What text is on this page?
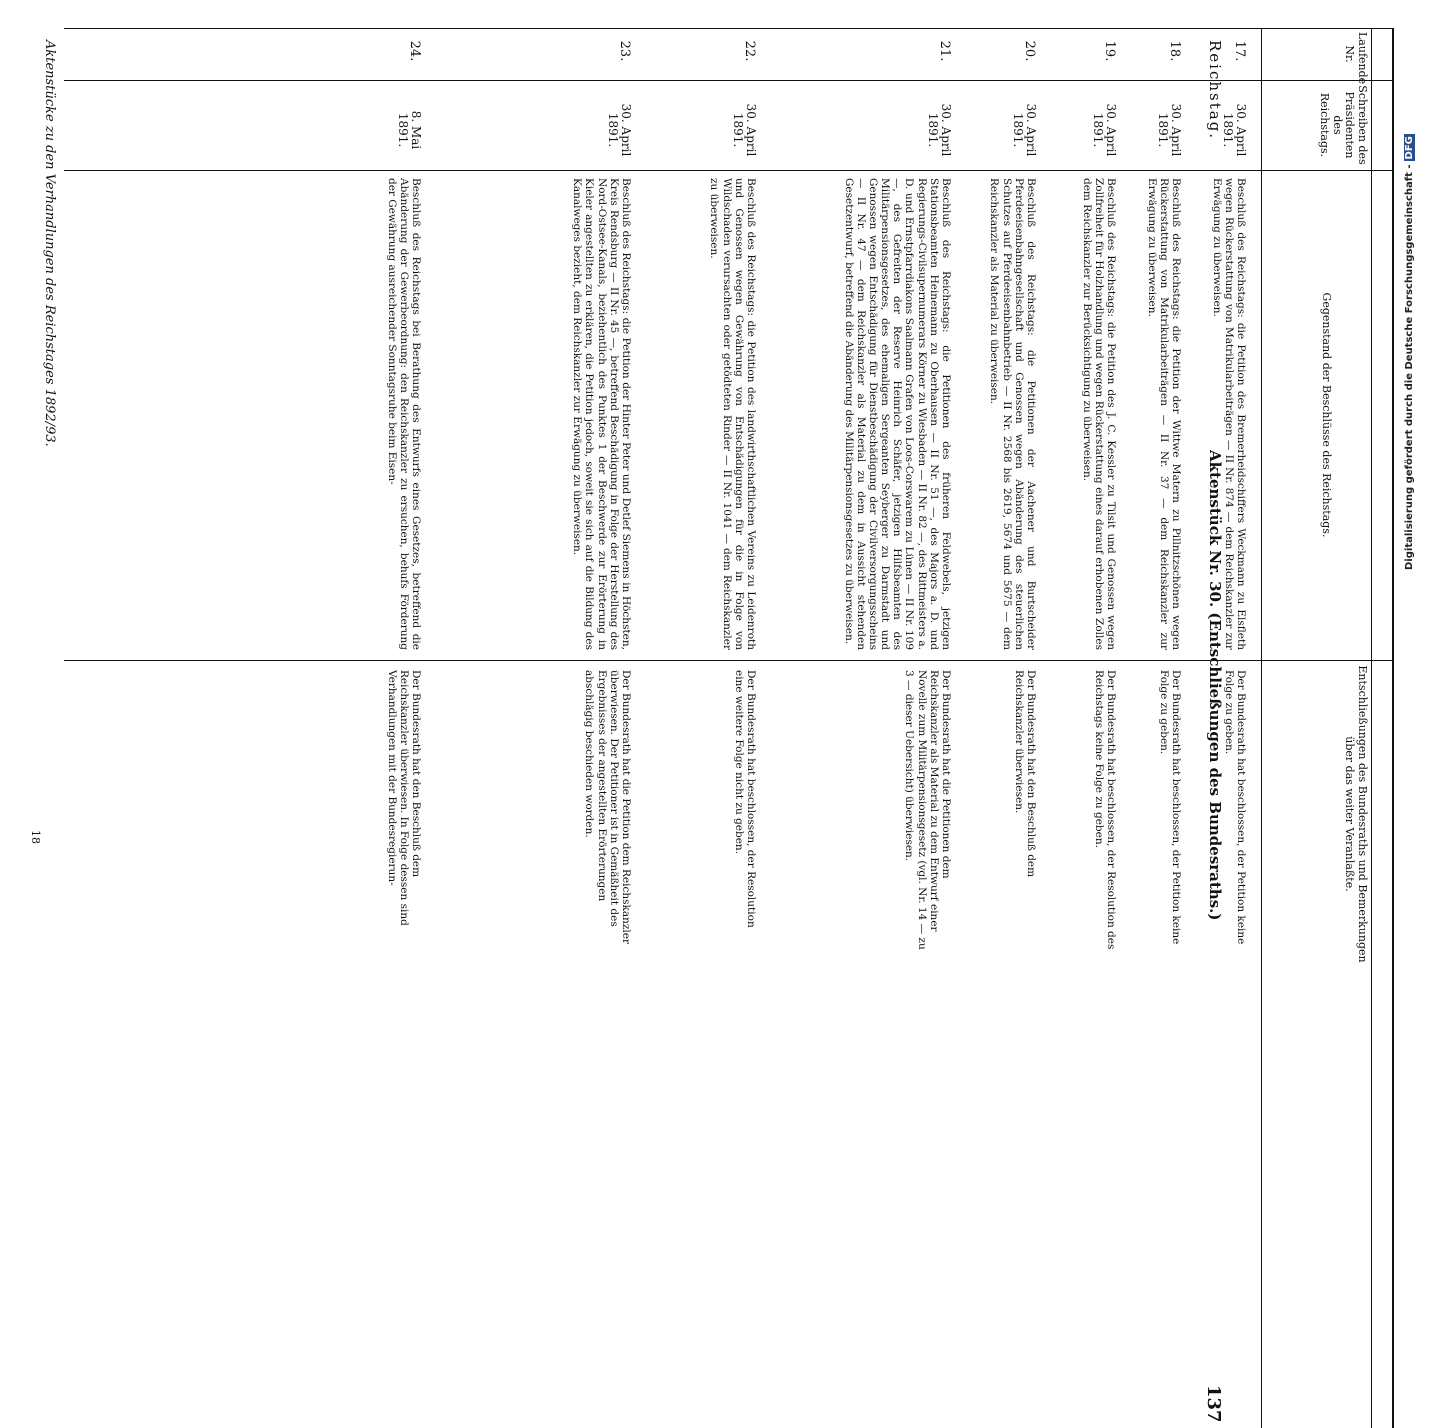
Reichstag.
Aktenstück Nr. 30. (Entschließungen des Bundesraths.)
137
Laufende Nr.
Schreiben des Präsidenten des Reichstags.
Gegenstand der Beschlüsse des Reichstags.
Entschließungen des Bundesraths und Bemerkungen über das weiter Veranlaßte.
17.
30. April 1891.
Beschluß des Reichstags: die Petition des Bremerheidschiffers Weckmann zu Elsfleth wegen Rückerstattung von Matrikularbeiträgen — II Nr. 874 — dem Reichskanzler zur Erwägung zu überweisen.
Der Bundesrath hat beschlossen, der Petition keine Folge zu geben.
18.
30. April 1891.
Beschluß des Reichstags: die Petition der Wittwe Matern zu Pillnitzschönen wegen Rückerstattung von Matrikularbeiträgen — II Nr. 37 — dem Reichskanzler zur Erwägung zu überweisen.
Der Bundesrath hat beschlossen, der Petition keine Folge zu geben.
19.
30. April 1891.
Beschluß des Reichstags: die Petition des J. C. Kessler zu Tilsit und Genossen wegen Zollfreiheit für Holzhandlung und wegen Rückerstattung eines darauf erhobenen Zolles dem Reichskanzler zur Berücksichtigung zu überweisen.
Der Bundesrath hat beschlossen, der Resolution des Reichstags keine Folge zu geben.
20.
30. April 1891.
Beschluß des Reichstags: die Petitionen der Aachener und Burtscheider Pferdeeisenbahngesellschaft und Genossen wegen Abänderung des steuerlichen Schutzes auf Pferdeeisenbahnbetrieb — II Nr. 2568 bis 2619, 5674 und 5675 — dem Reichskanzler als Material zu überweisen.
Der Bundesrath hat den Beschluß dem Reichskanzler überwiesen.
21.
30. April 1891.
Beschluß des Reichstags: die Petitionen des früheren Feldwebels, jetzigen Stationsbeamten Heinemann zu Oberhausen — II Nr. 51 —, des Majors a. D. und Regierungs-Civilsupernumerars Körner zu Wiesbaden — II Nr. 82 —, des Rittmeisters a. D. und Ernstpfarrdiakons Saalmann Grafen von Loos-Corswarem zu Lünen — II Nr. 109 —, des Gefreiten der Reserve Heinrich Schäfer, jetzigen Hilfsbeamten des Militärpensionsgesetzes, des ehemaligen Sergeanten Seyberger zu Darmstadt und Genossen wegen Entschädigung für Dienstbeschädigung der Civilversorgungsscheins — II Nr. 47 — dem Reichskanzler als Material zu dem in Aussicht stehenden Gesetzentwurf, betreffend die Abänderung des Militärpensionsgesetzes zu überweisen.
Der Bundesrath hat die Petitionen dem Reichskanzler als Material zu dem Entwurf einer Novelle zum Militärpensionsgesetz (vgl. Nr. 14 — zu 3 — dieser Uebersicht) überwiesen.
22.
30. April 1891.
Beschluß des Reichstags: die Petition des landwirthschaftlichen Vereins zu Leidenroth und Genossen wegen Gewährung von Entschädigungen für die in Folge von Wildschaden verursachten oder getödteten Rinder — II Nr. 1041 — dem Reichskanzler zu überweisen.
Der Bundesrath hat beschlossen, der Resolution eine weitere Folge nicht zu geben.
23.
30. April 1891.
Beschluß des Reichstags: die Petition der Hinter Peter und Detlef Siemens in Höchsten, Kreis Rendsburg — II Nr. 45 —, betreffend Beschädigung in Folge der Herstellung des Nord-Ostsee-Kanals, beziehentlich des Punktes 1 der Beschwerde zur Erörterung in Kieler angestellten zu erklären, die Petition jedoch, soweit sie sich auf die Bildung des Kanalweges bezieht, dem Reichskanzler zur Erwägung zu überweisen.
Der Bundesrath hat die Petition dem Reichskanzler überwiesen. Der Petitioner ist in Gemäßheit des Ergebnisses der angestellten Erörterungen abschlägig beschieden worden.
24.
8. Mai 1891.
Beschluß des Reichstags bei Berathung des Entwurfs eines Gesetzes, betreffend die Abänderung der Gewerbeordnung: den Reichskanzler zu ersuchen, behufs Förderung der Gewährung ausreichender Sonntagsruhe beim Eisen-
Der Bundesrath hat den Beschluß dem Reichskanzler überwiesen. In Folge dessen sind Verhandlungen mit der Bundesregierun-
Aktenstücke zu den Verhandlungen des Reichstages 1892/93.
18
Digitalisierung gefördert durch die Deutsche Forschungsgemeinschaft -DFG
